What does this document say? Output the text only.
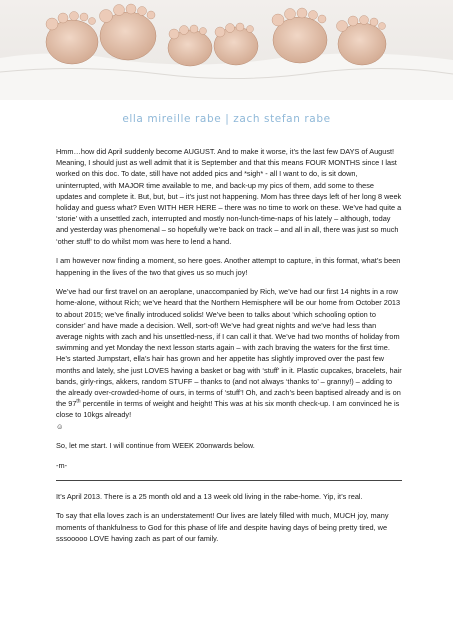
ella mireille rabe | zach stefan rabe

Hmm…how did April suddenly become AUGUST. And to make it worse, it’s the last few DAYS of August! Meaning, I should just as well admit that it is September and that this means FOUR MONTHS since I last worked on this doc. To date, still have not added pics and *sigh* - all I want to do, is sit down, uninterrupted, with MAJOR time available to me, and back-up my pics of them, add some to these updates and complete it. But, but, but – it’s just not happening. Mom has three days left of her long 8 week holiday and guess what? Even WITH HER HERE – there was no time to work on these. We’ve had quite a ‘storie’ with a unsettled zach, interrupted and mostly non-lunch-time-naps of his lately – although, today and yesterday was phenomenal – so hopefully we’re back on track – and all in all, there was just so much ‘other stuff’ to do whilst mom was here to lend a hand.

I am however now finding a moment, so here goes. Another attempt to capture, in this format, what’s been happening in the lives of the two that gives us so much joy!

We’ve had our first travel on an aeroplane, unaccompanied by Rich, we’ve had our first 14 nights in a row home-alone, without Rich; we’ve heard that the Northern Hemisphere will be our home from October 2013 to about 2015; we’ve finally introduced solids! We’ve been to talks about ‘which schooling option to consider’ and have made a decision. Well, sort-of! We’ve had great nights and we’ve had less than average nights with zach and his unsettled-ness, if I can call it that. We’ve had two months of holiday from swimming and yet Monday the next lesson starts again – with zach braving the waters for the first time. He’s started Jumpstart, ella’s hair has grown and her appetite has slightly improved over the past few months and lately, she just LOVES having a basket or bag with ‘stuff’ in it. Plastic cupcakes, bracelets, hair bands, girly-rings, akkers, random STUFF – thanks to (and not always ‘thanks to’ – granny!) – adding to the already over-crowded-home of ours, in terms of ‘stuff’! Oh, and zach’s been baptised already and is on the 97th percentile in terms of weight and height! This was at his six month check-up. I am convinced he is close to 10kgs already!
☺

So, let me start. I will continue from WEEK 20onwards below.

-m-

It’s April 2013. There is a 25 month old and a 13 week old living in the rabe-home. Yip, it’s real.

To say that ella loves zach is an understatement! Our lives are lately filled with much, MUCH joy, many moments of thankfulness to God for this phase of life and despite having days of being pretty tired, we sssooooo LOVE having zach as part of our family.
